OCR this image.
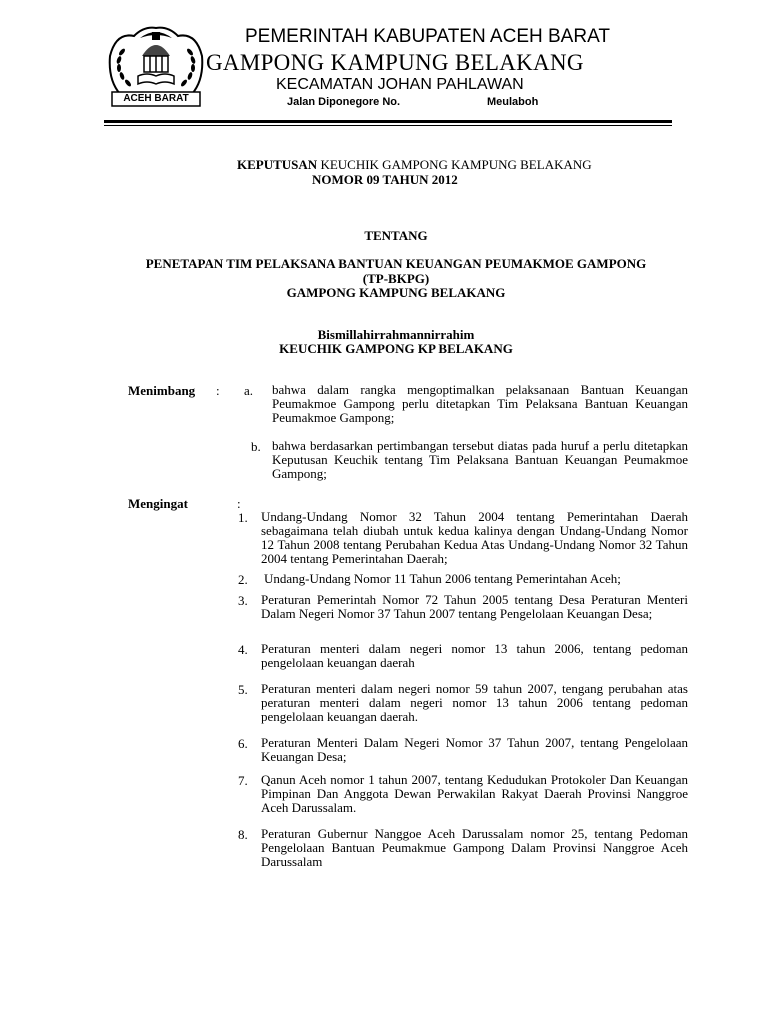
ACEH BARAT
PEMERINTAH KABUPATEN ACEH BARAT
GAMPONG KAMPUNG BELAKANG
KECAMATAN JOHAN PAHLAWAN
Jalan Diponegore No.	Meulaboh
KEPUTUSAN KEUCHIK GAMPONG KAMPUNG BELAKANG
NOMOR 09 TAHUN 2012
TENTANG
PENETAPAN TIM PELAKSANA BANTUAN KEUANGAN PEUMAKMOE GAMPONG
(TP-BKPG)
GAMPONG KAMPUNG BELAKANG
Bismillahirrahmannirrahim
KEUCHIK GAMPONG KP BELAKANG
Menimbang : a. bahwa dalam rangka mengoptimalkan pelaksanaan Bantuan Keuangan Peumakmoe Gampong perlu ditetapkan Tim Pelaksana Bantuan Keuangan Peumakmoe Gampong;
b. bahwa berdasarkan pertimbangan tersebut diatas pada huruf a perlu ditetapkan Keputusan Keuchik tentang Tim Pelaksana Bantuan Keuangan Peumakmoe Gampong;
Mengingat	:
1. Undang-Undang Nomor 32 Tahun 2004 tentang Pemerintahan Daerah sebagaimana telah diubah untuk kedua kalinya dengan Undang-Undang Nomor 12 Tahun 2008 tentang Perubahan Kedua Atas Undang-Undang Nomor 32 Tahun 2004 tentang Pemerintahan Daerah;
2. Undang-Undang Nomor 11 Tahun 2006 tentang Pemerintahan Aceh;
3. Peraturan Pemerintah Nomor 72 Tahun 2005 tentang Desa Peraturan Menteri Dalam Negeri Nomor 37 Tahun 2007 tentang Pengelolaan Keuangan Desa;
4. Peraturan menteri dalam negeri nomor 13 tahun 2006, tentang pedoman pengelolaan keuangan daerah
5. Peraturan menteri dalam negeri nomor 59 tahun 2007, tengang perubahan atas peraturan menteri dalam negeri nomor 13 tahun 2006 tentang pedoman pengelolaan keuangan daerah.
6. Peraturan Menteri Dalam Negeri Nomor 37 Tahun 2007, tentang Pengelolaan Keuangan Desa;
7. Qanun Aceh nomor 1 tahun 2007, tentang Kedudukan Protokoler Dan Keuangan Pimpinan Dan Anggota Dewan Perwakilan Rakyat Daerah Provinsi Nanggroe Aceh Darussalam.
8. Peraturan Gubernur Nanggoe Aceh Darussalam nomor 25, tentang Pedoman Pengelolaan Bantuan Peumakmue Gampong Dalam Provinsi Nanggroe Aceh Darussalam
